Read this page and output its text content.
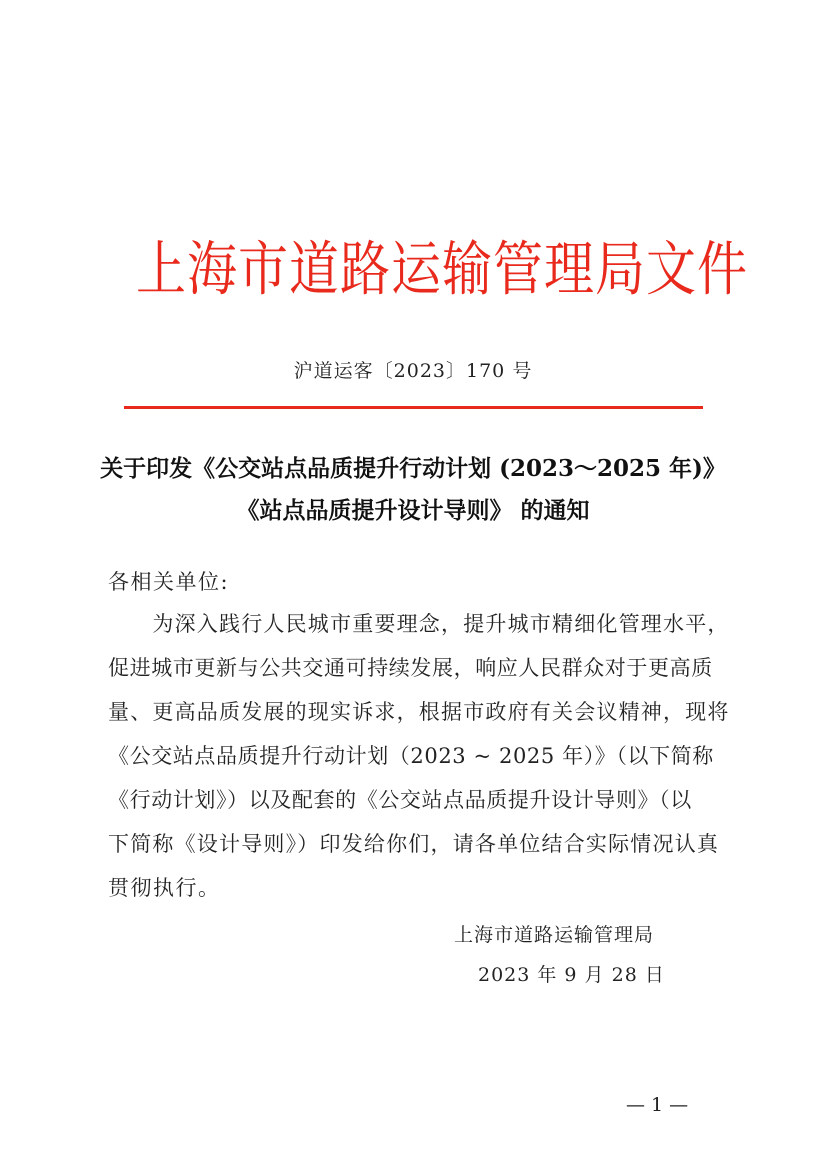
上海市道路运输管理局文件
沪道运客〔2023〕170 号
关于印发《公交站点品质提升行动计划 (2023～2025 年)》
《站点品质提升设计导则》 的通知
各相关单位:
　　为深入践行人民城市重要理念，提升城市精细化管理水平，
促进城市更新与公共交通可持续发展，响应人民群众对于更高质
量、更高品质发展的现实诉求，根据市政府有关会议精神，现将
《公交站点品质提升行动计划（2023 ~ 2025 年）》（以下简称
《行动计划》）以及配套的《公交站点品质提升设计导则》（以
下简称《设计导则》）印发给你们，请各单位结合实际情况认真
贯彻执行。
上海市道路运输管理局
2023 年 9 月 28 日
— 1 —
